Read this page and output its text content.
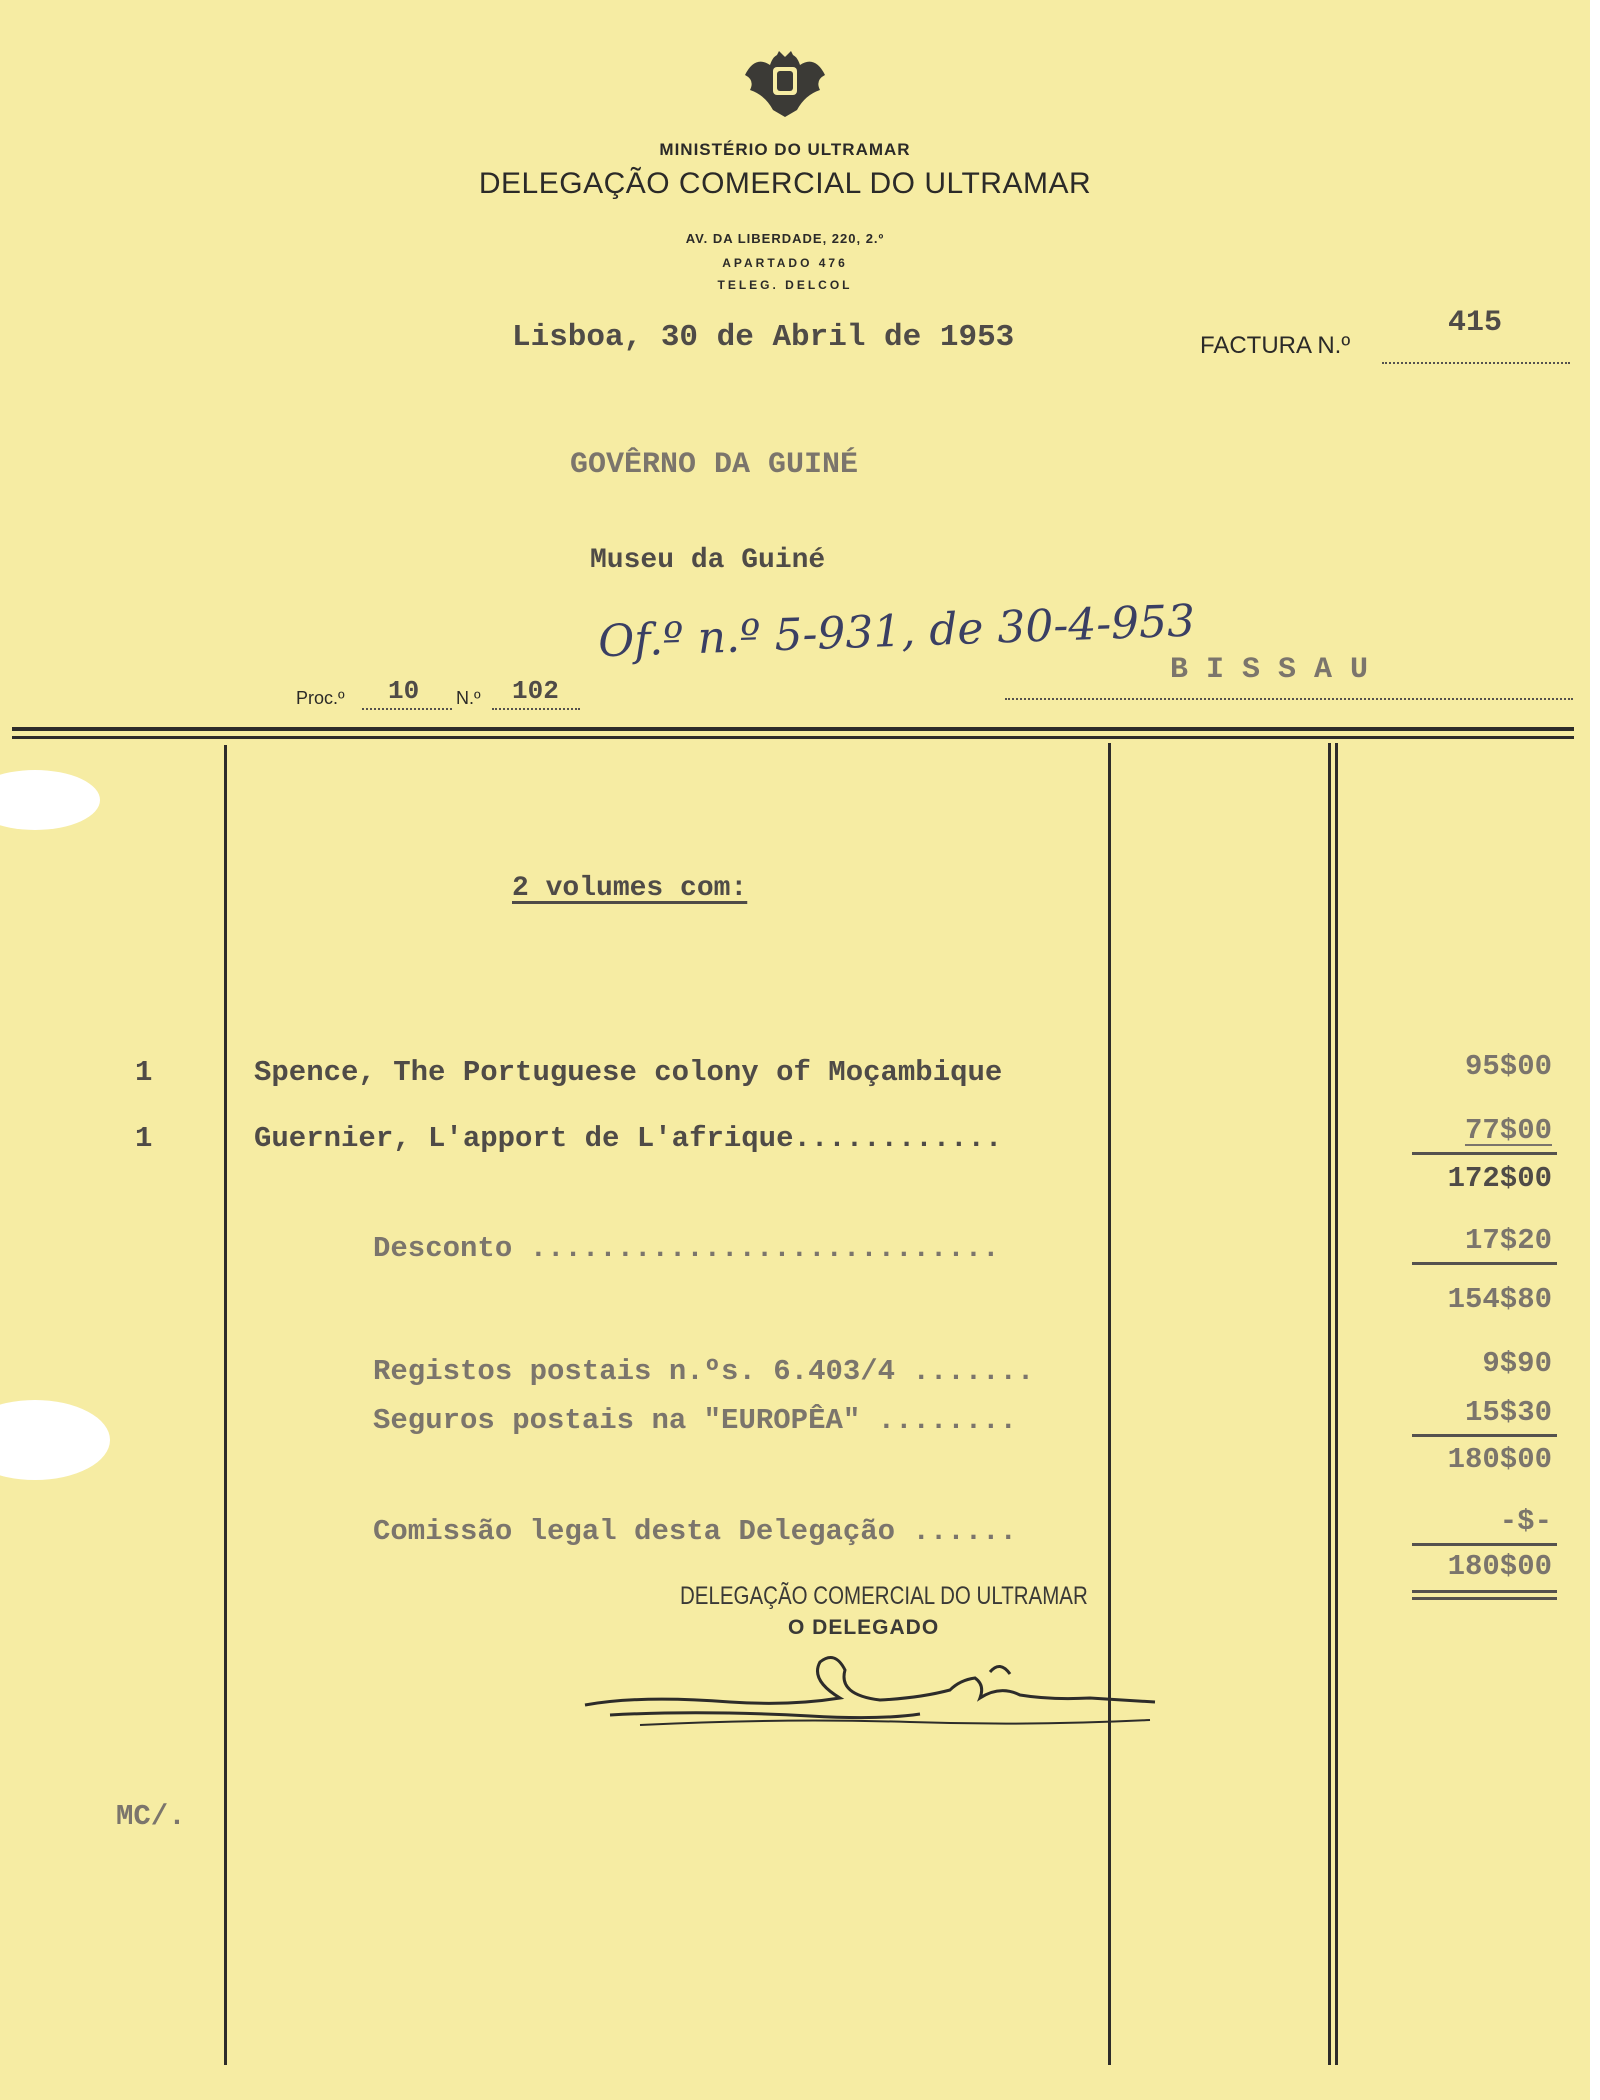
MINISTÉRIO DO ULTRAMAR
DELEGAÇÃO COMERCIAL DO ULTRAMAR
AV. DA LIBERDADE, 220, 2.º
APARTADO 476
TELEG. DELCOL
Lisboa, 30 de Abril de 1953	FACTURA N.º
415
GOVÊRNO DA GUINÉ
Museu da Guiné
Of.º n.º 5-931, de 30-4-953
B I S S A U
Proc.º 10 N.º 102
2 volumes com:
1	Spence, The Portuguese colony of Moçambique	95$00
1	Guernier, L'apport de L'afrique............	77$00
172$00
Desconto ...........................	17$20
154$80
Registos postais n.ºs. 6.403/4 .......	9$90
Seguros postais na "EUROPÊA" ........	15$30
180$00
Comissão legal desta Delegação ......	-$-
180$00
DELEGAÇÃO COMERCIAL DO ULTRAMAR
O DELEGADO
MC/.
